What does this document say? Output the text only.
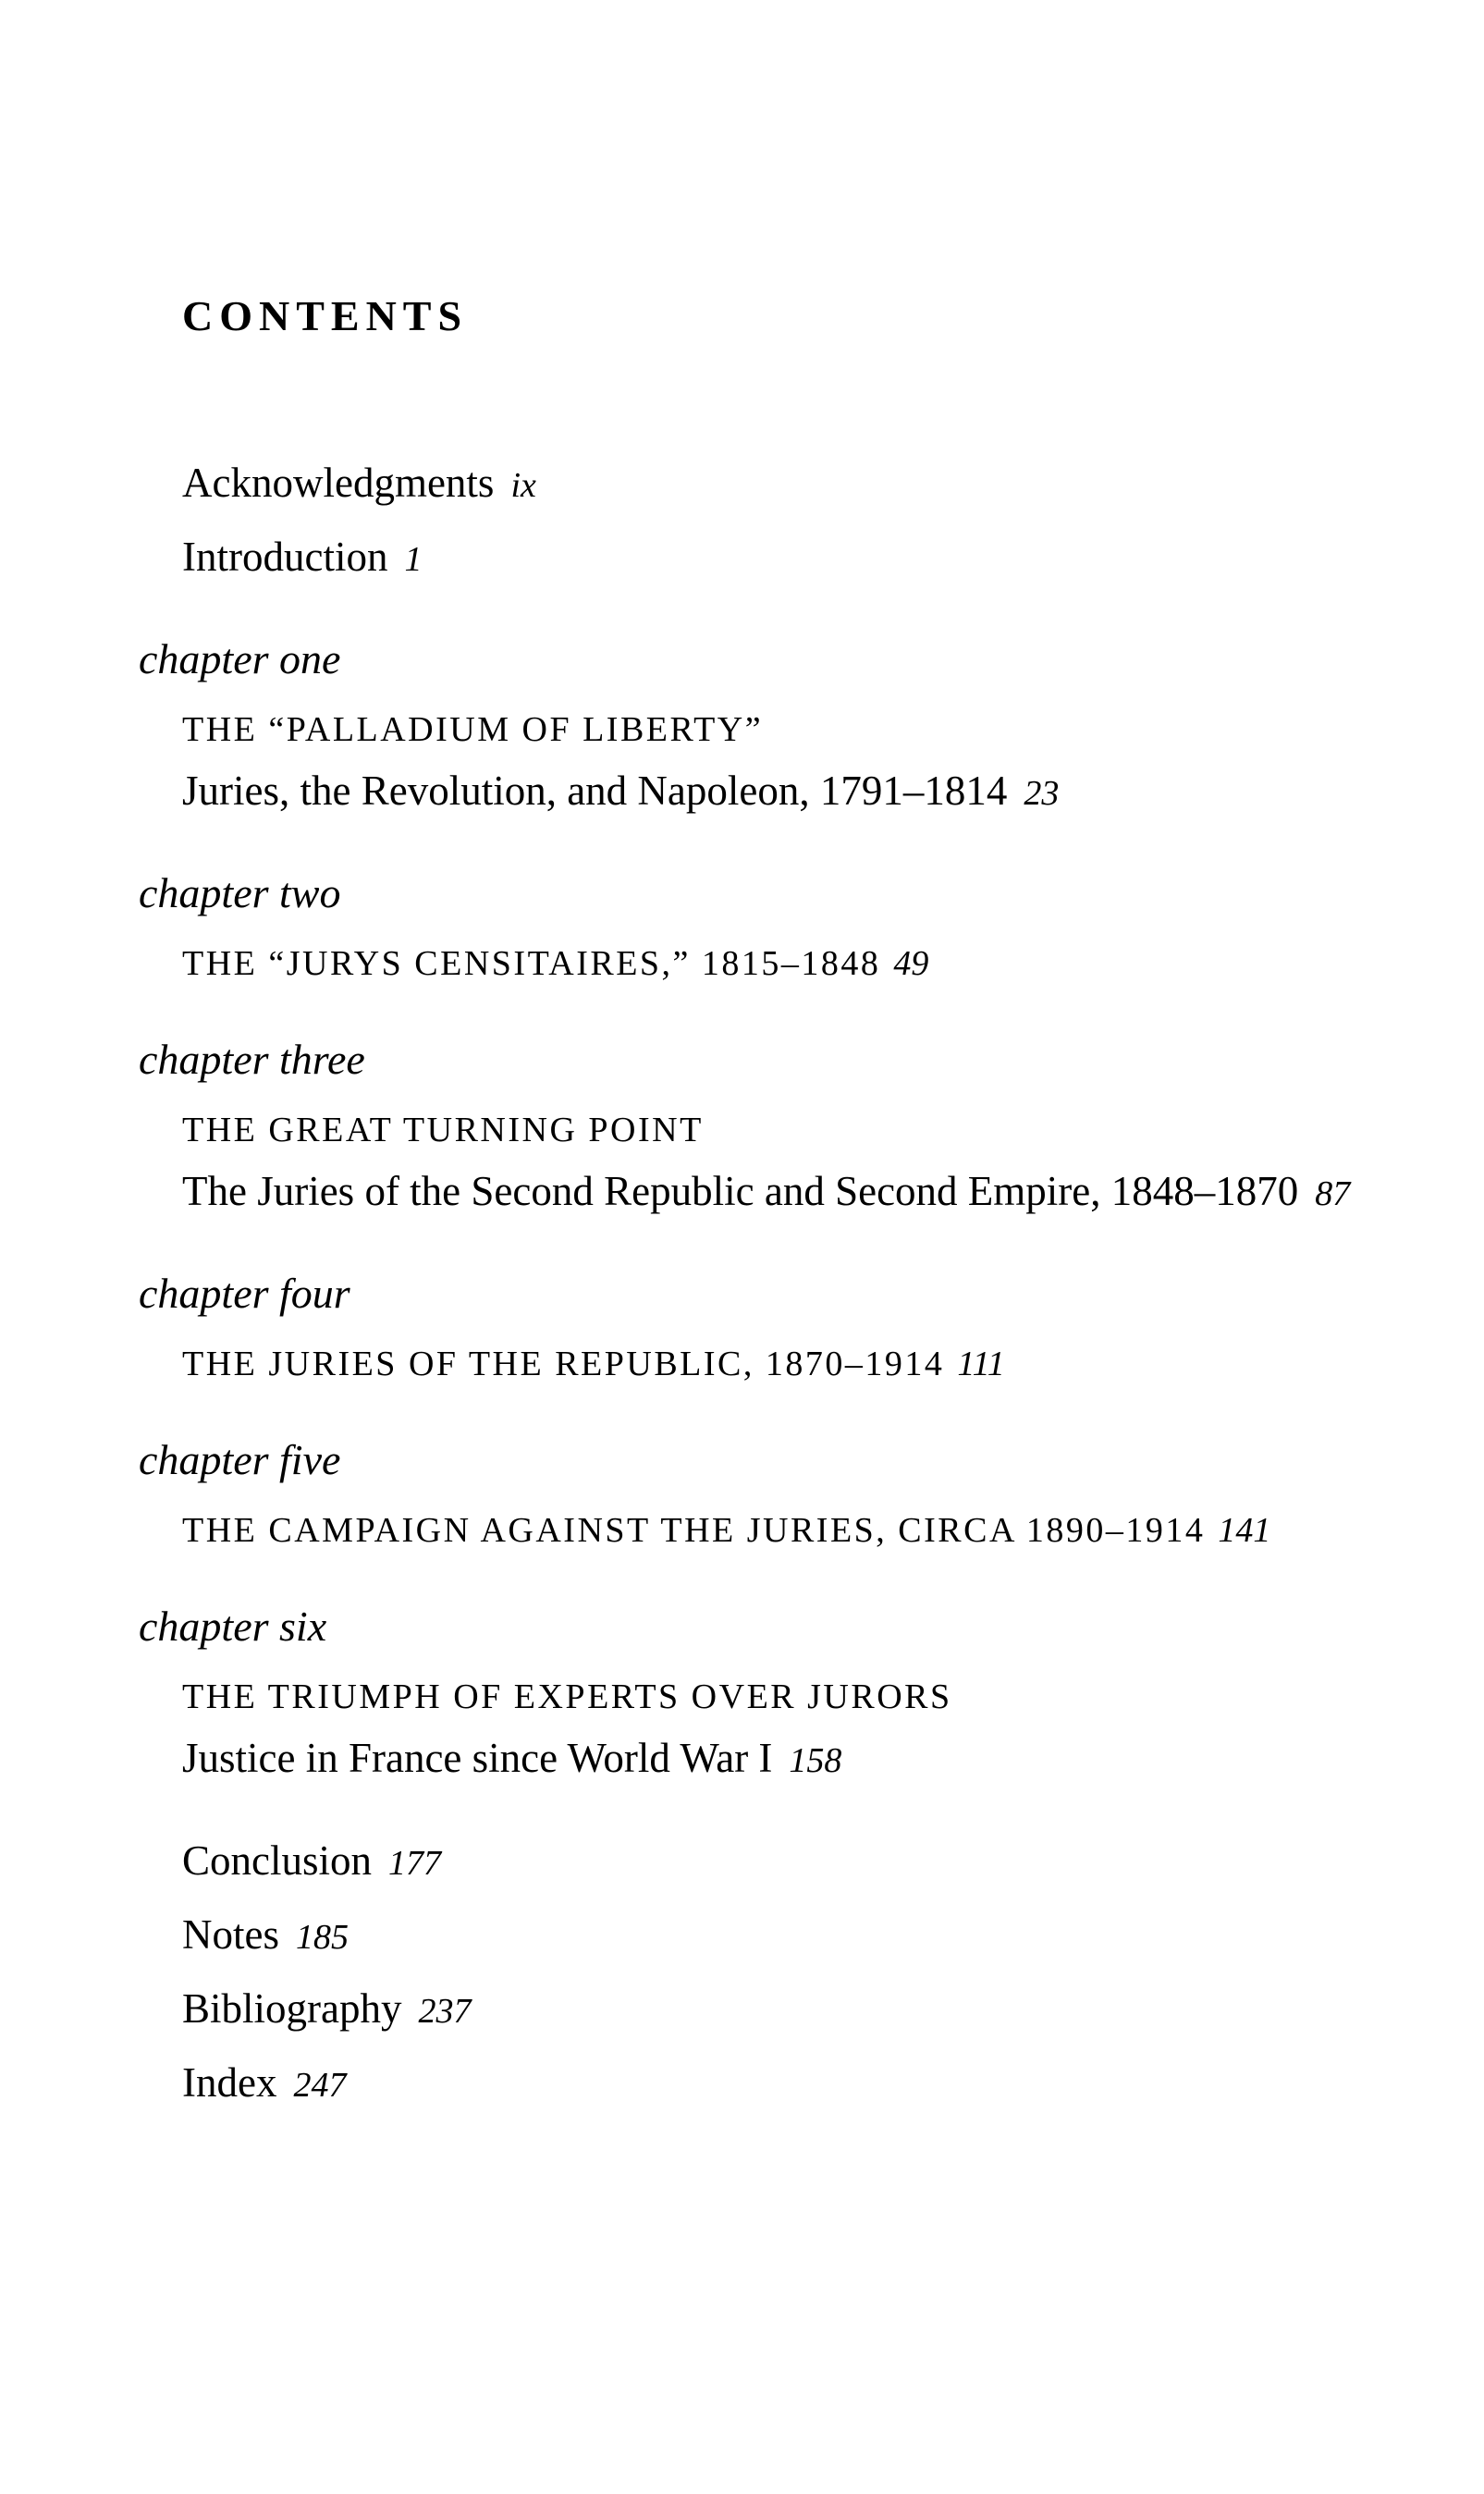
CONTENTS

Acknowledgments ix

Introduction 1

chapter one

THE “PALLADIUM OF LIBERTY”

Juries, the Revolution, and Napoleon, 1791–1814 23

chapter two

THE “JURYS CENSITAIRES,” 1815–1848 49

chapter three

THE GREAT TURNING POINT

The Juries of the Second Republic and Second Empire, 1848–1870 87

chapter four

THE JURIES OF THE REPUBLIC, 1870–1914 111

chapter five

THE CAMPAIGN AGAINST THE JURIES, CIRCA 1890–1914 141

chapter six

THE TRIUMPH OF EXPERTS OVER JURORS

Justice in France since World War I 158

Conclusion 177

Notes 185

Bibliography 237

Index 247
